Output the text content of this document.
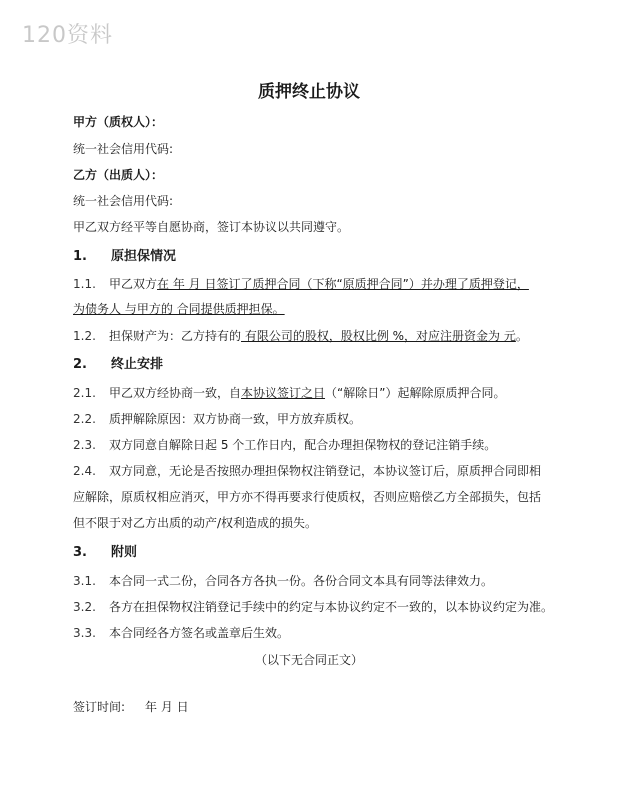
120资料
质押终止协议
甲方（质权人）：
统一社会信用代码:
乙方（出质人）：
统一社会信用代码:
甲乙双方经平等自愿协商，签订本协议以共同遵守。
1. 原担保情况
1.1. 甲乙双方在 年 月 日签订了质押合同（下称“原质押合同”）并办理了质押登记，
为债务人 与甲方的 合同提供质押担保。
1.2. 担保财产为：乙方持有的 有限公司的股权，股权比例 %，对应注册资金为 元。
2. 终止安排
2.1. 甲乙双方经协商一致，自本协议签订之日（“解除日”）起解除原质押合同。
2.2. 质押解除原因：双方协商一致，甲方放弃质权。
2.3. 双方同意自解除日起 5 个工作日内，配合办理担保物权的登记注销手续。
2.4. 双方同意，无论是否按照办理担保物权注销登记，本协议签订后，原质押合同即相
应解除，原质权相应消灭，甲方亦不得再要求行使质权，否则应赔偿乙方全部损失，包括
但不限于对乙方出质的动产/权利造成的损失。
3. 附则
3.1. 本合同一式二份，合同各方各执一份。各份合同文本具有同等法律效力。
3.2. 各方在担保物权注销登记手续中的约定与本协议约定不一致的，以本协议约定为准。
3.3. 本合同经各方签名或盖章后生效。
（以下无合同正文）
签订时间: 年 月 日
